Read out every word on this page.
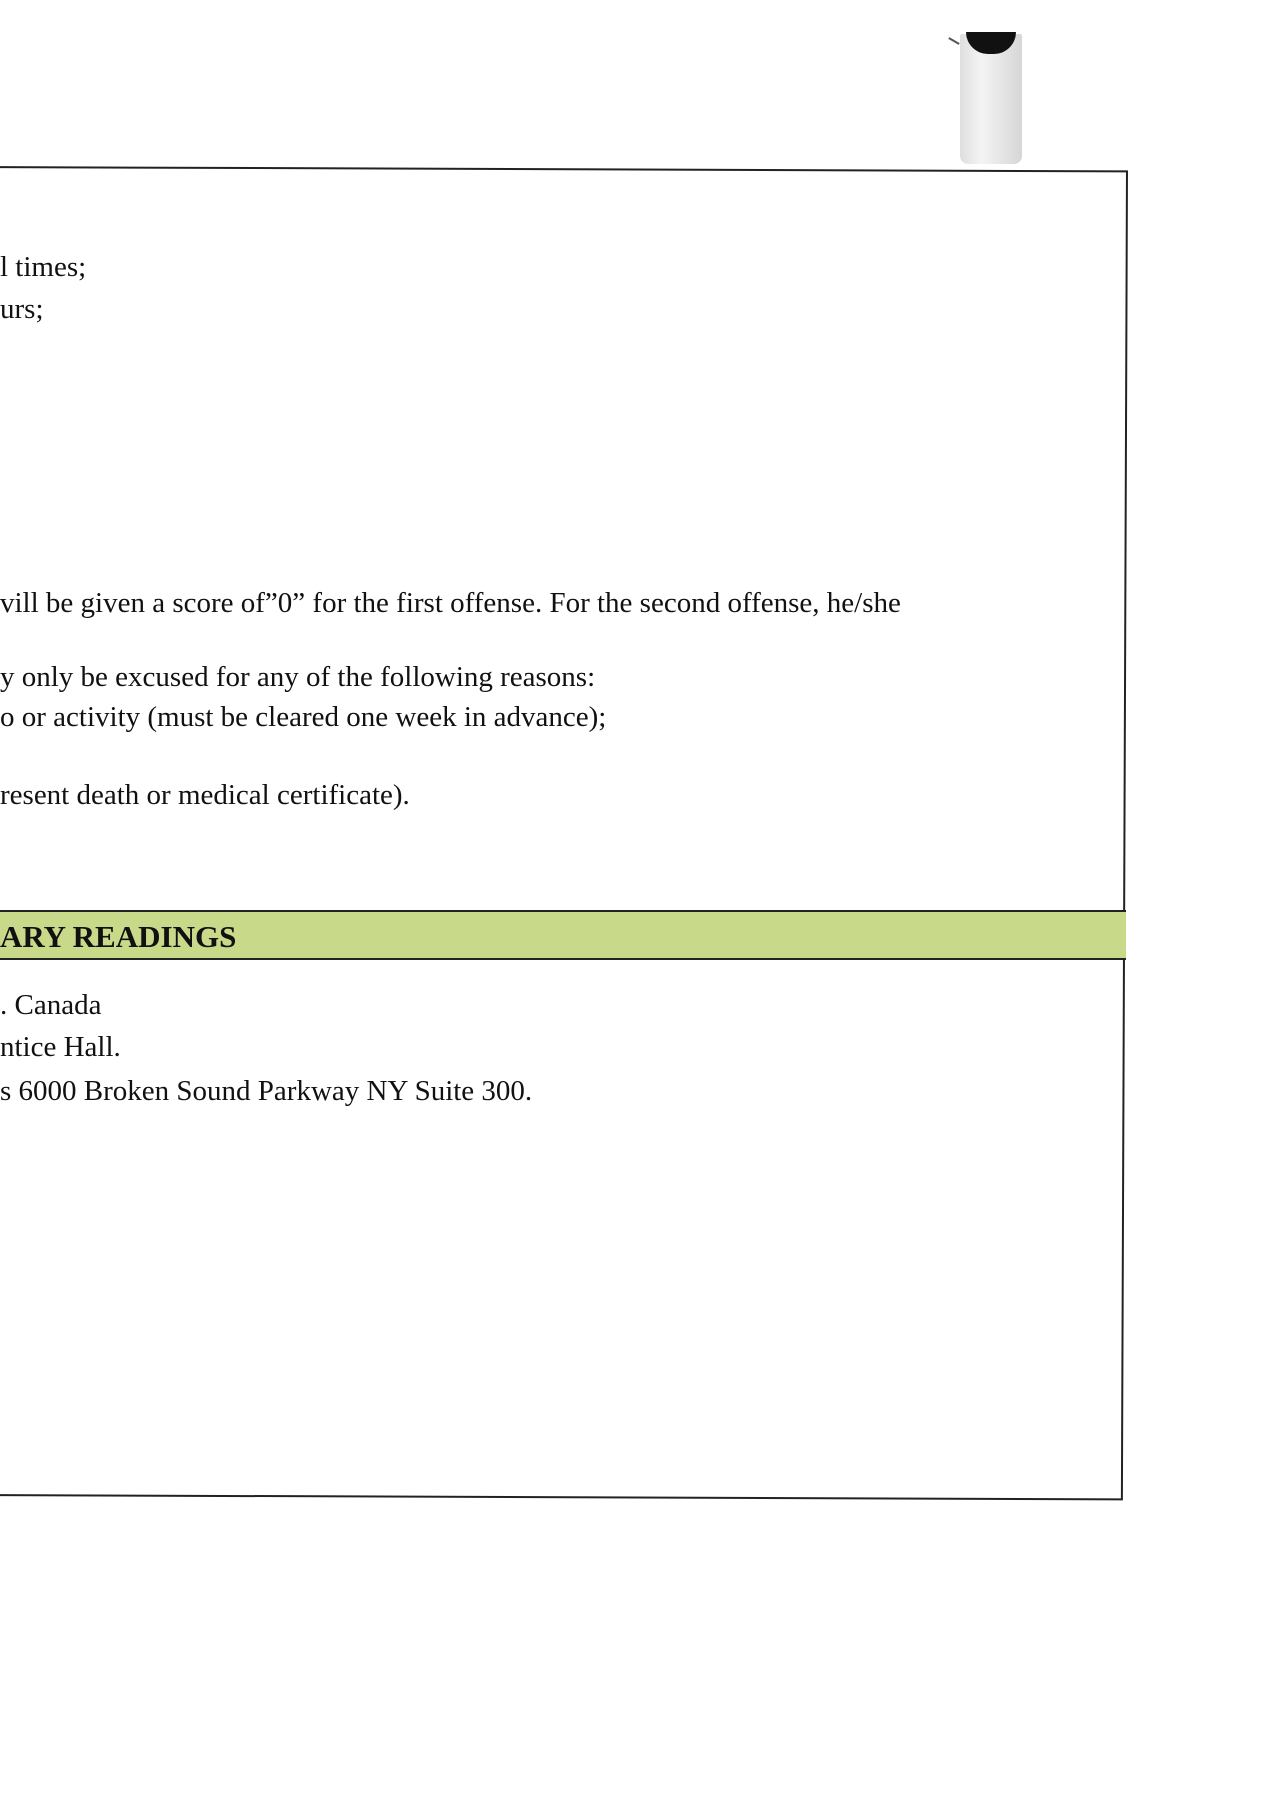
l times;
urs;
vill be given a score of”0” for the first offense. For the second offense, he/she
y only be excused for any of the following reasons:
o or activity (must be cleared one week in advance);
resent death or medical certificate).
ARY READINGS
. Canada
ntice Hall.
s 6000 Broken Sound Parkway NY Suite 300.
